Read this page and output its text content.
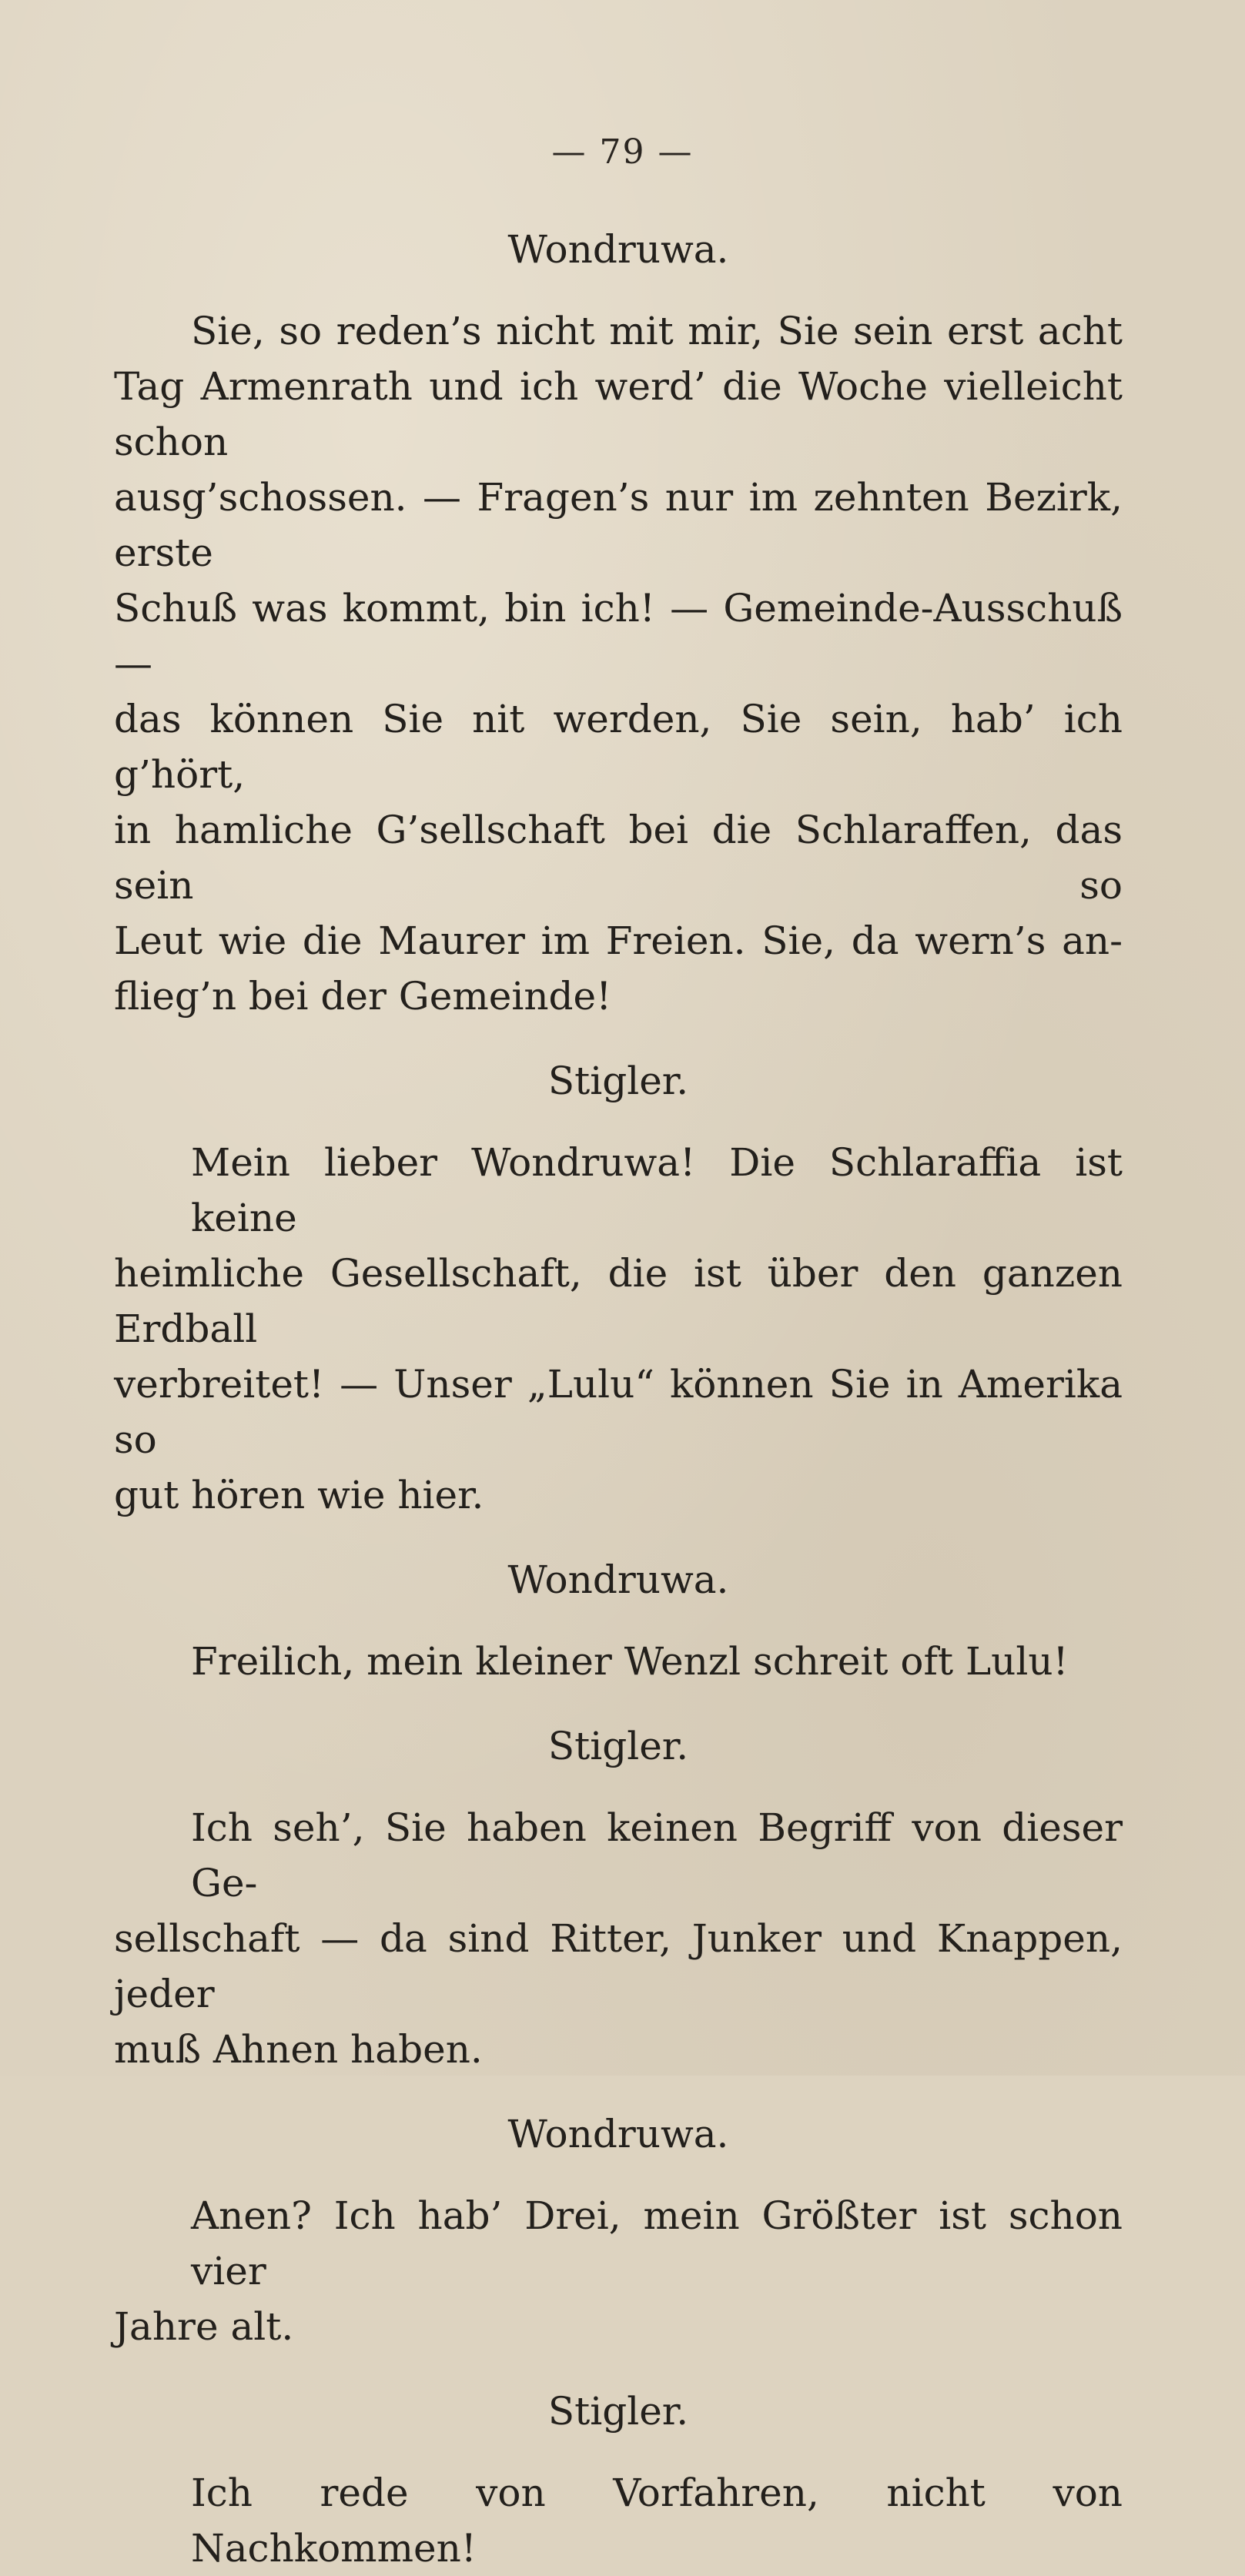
— 79 —

Wondruwa.

Sie, so reden’s nicht mit mir, Sie sein erst acht
Tag Armenrath und ich werd’ die Woche vielleicht schon
ausg’schossen. — Fragen’s nur im zehnten Bezirk, erste
Schuß was kommt, bin ich! — Gemeinde-Ausschuß —
das können Sie nit werden, Sie sein, hab’ ich g’hört,
in hamliche G’sellschaft bei die Schlaraffen, das sein so
Leut wie die Maurer im Freien. Sie, da wern’s an-
flieg’n bei der Gemeinde!

Stigler.

Mein lieber Wondruwa! Die Schlaraffia ist keine
heimliche Gesellschaft, die ist über den ganzen Erdball
verbreitet! — Unser „Lulu“ können Sie in Amerika so
gut hören wie hier.

Wondruwa.

Freilich, mein kleiner Wenzl schreit oft Lulu!

Stigler.

Ich seh’, Sie haben keinen Begriff von dieser Ge-
sellschaft — da sind Ritter, Junker und Knappen, jeder
muß Ahnen haben.

Wondruwa.

Anen? Ich hab’ Drei, mein Größter ist schon vier
Jahre alt.

Stigler.

Ich rede von Vorfahren, nicht von Nachkommen!
